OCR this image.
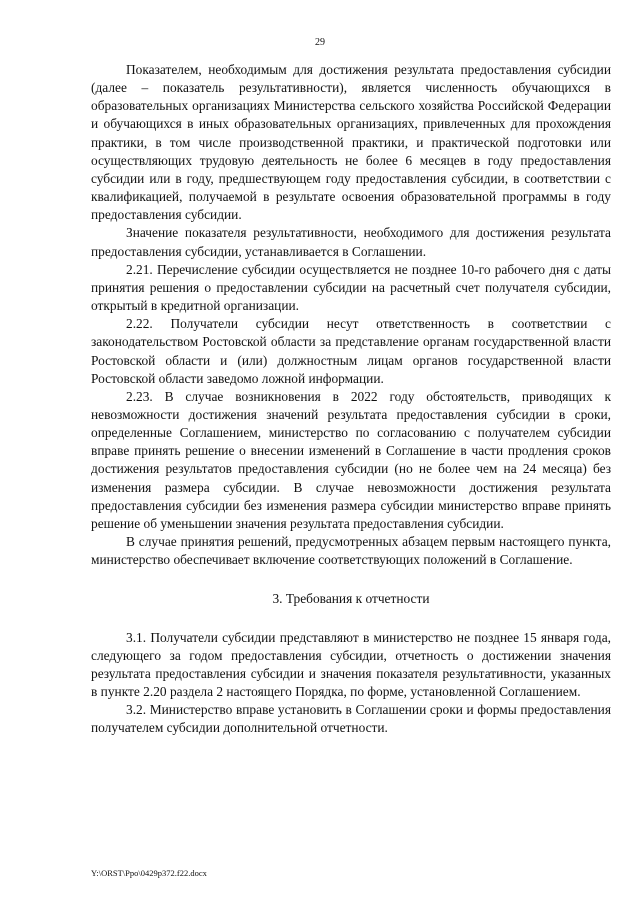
29

Показателем, необходимым для достижения результата предоставления субсидии (далее – показатель результативности), является численность обучающихся в образовательных организациях Министерства сельского хозяйства Российской Федерации и обучающихся в иных образовательных организациях, привлеченных для прохождения практики, в том числе производственной практики, и практической подготовки или осуществляющих трудовую деятельность не более 6 месяцев в году предоставления субсидии или в году, предшествующем году предоставления субсидии, в соответствии с квалификацией, получаемой в результате освоения образовательной программы в году предоставления субсидии.

Значение показателя результативности, необходимого для достижения результата предоставления субсидии, устанавливается в Соглашении.

2.21. Перечисление субсидии осуществляется не позднее 10-го рабочего дня с даты принятия решения о предоставлении субсидии на расчетный счет получателя субсидии, открытый в кредитной организации.

2.22. Получатели субсидии несут ответственность в соответствии с законодательством Ростовской области за представление органам государственной власти Ростовской области и (или) должностным лицам органов государственной власти Ростовской области заведомо ложной информации.

2.23. В случае возникновения в 2022 году обстоятельств, приводящих к невозможности достижения значений результата предоставления субсидии в сроки, определенные Соглашением, министерство по согласованию с получателем субсидии вправе принять решение о внесении изменений в Соглашение в части продления сроков достижения результатов предоставления субсидии (но не более чем на 24 месяца) без изменения размера субсидии. В случае невозможности достижения результата предоставления субсидии без изменения размера субсидии министерство вправе принять решение об уменьшении значения результата предоставления субсидии.

В случае принятия решений, предусмотренных абзацем первым настоящего пункта, министерство обеспечивает включение соответствующих положений в Соглашение.

3. Требования к отчетности

3.1. Получатели субсидии представляют в министерство не позднее 15 января года, следующего за годом предоставления субсидии, отчетность о достижении значения результата предоставления субсидии и значения показателя результативности, указанных в пункте 2.20 раздела 2 настоящего Порядка, по форме, установленной Соглашением.

3.2. Министерство вправе установить в Соглашении сроки и формы предоставления получателем субсидии дополнительной отчетности.

Y:\ORST\Ppo\0429p372.f22.docx
